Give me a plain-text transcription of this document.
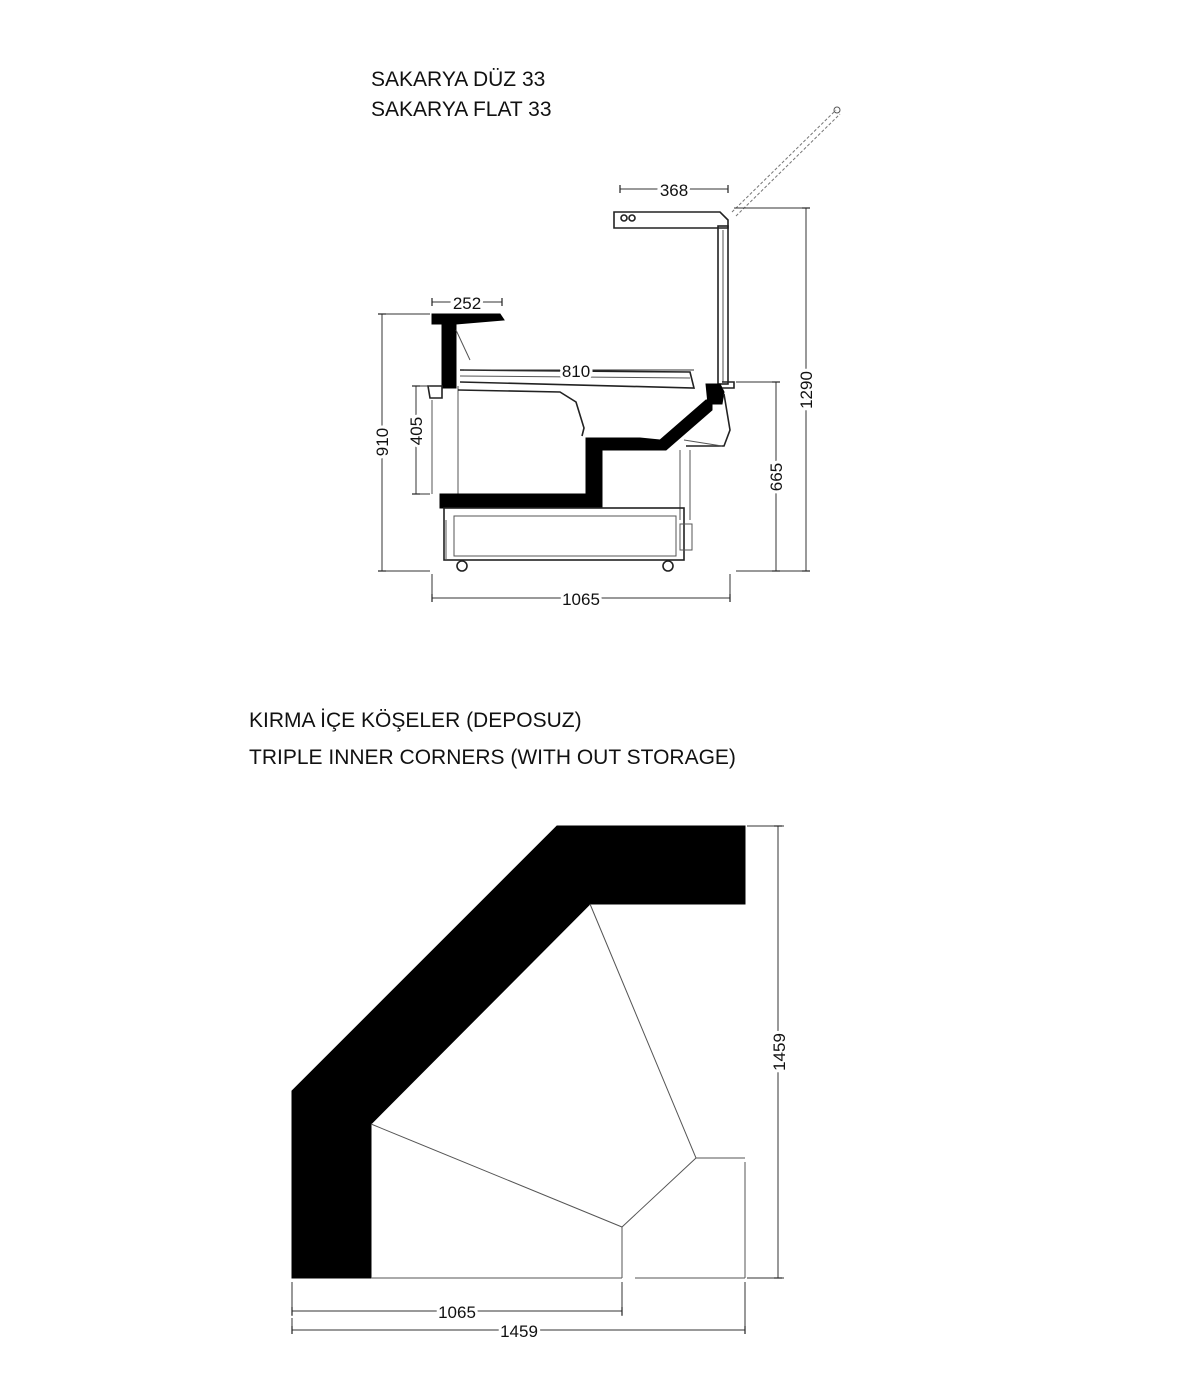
SAKARYA DÜZ 33
SAKARYA FLAT 33
368
252
810	1290
665
910 405
1065
KIRMA İÇE KÖŞELER (DEPOSUZ)
TRIPLE INNER CORNERS (WITH OUT STORAGE)
1459
1065
1459
